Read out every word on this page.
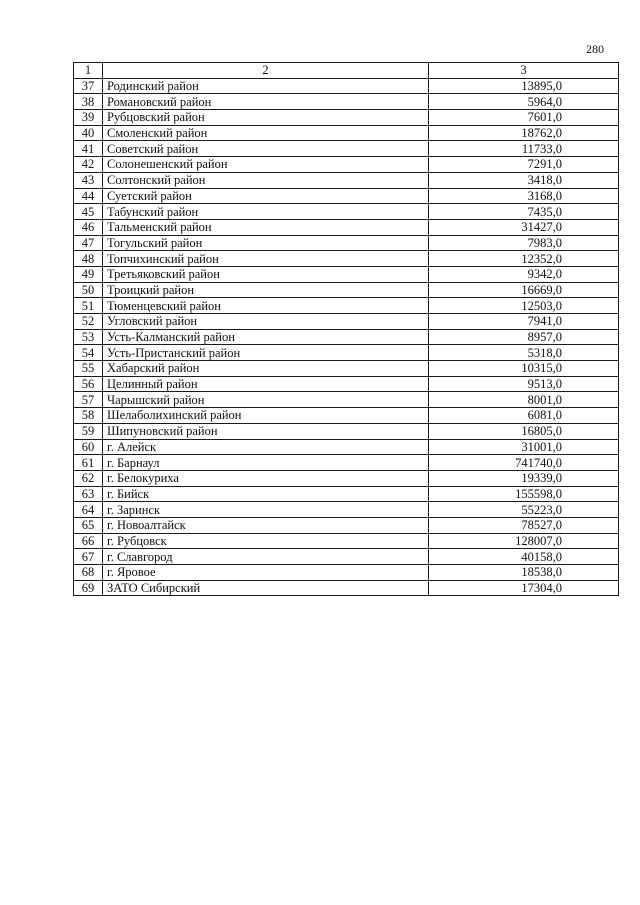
280
1	2	3
37	Родинский район	13895,0
38	Романовский район	5964,0
39	Рубцовский район	7601,0
40	Смоленский район	18762,0
41	Советский район	11733,0
42	Солонешенский район	7291,0
43	Солтонский район	3418,0
44	Суетский район	3168,0
45	Табунский район	7435,0
46	Тальменский район	31427,0
47	Тогульский район	7983,0
48	Топчихинский район	12352,0
49	Третьяковский район	9342,0
50	Троицкий район	16669,0
51	Тюменцевский район	12503,0
52	Угловский район	7941,0
53	Усть-Калманский район	8957,0
54	Усть-Пристанский район	5318,0
55	Хабарский район	10315,0
56	Целинный район	9513,0
57	Чарышский район	8001,0
58	Шелаболихинский район	6081,0
59	Шипуновский район	16805,0
60	г. Алейск	31001,0
61	г. Барнаул	741740,0
62	г. Белокуриха	19339,0
63	г. Бийск	155598,0
64	г. Заринск	55223,0
65	г. Новоалтайск	78527,0
66	г. Рубцовск	128007,0
67	г. Славгород	40158,0
68	г. Яровое	18538,0
69	ЗАТО Сибирский	17304,0
